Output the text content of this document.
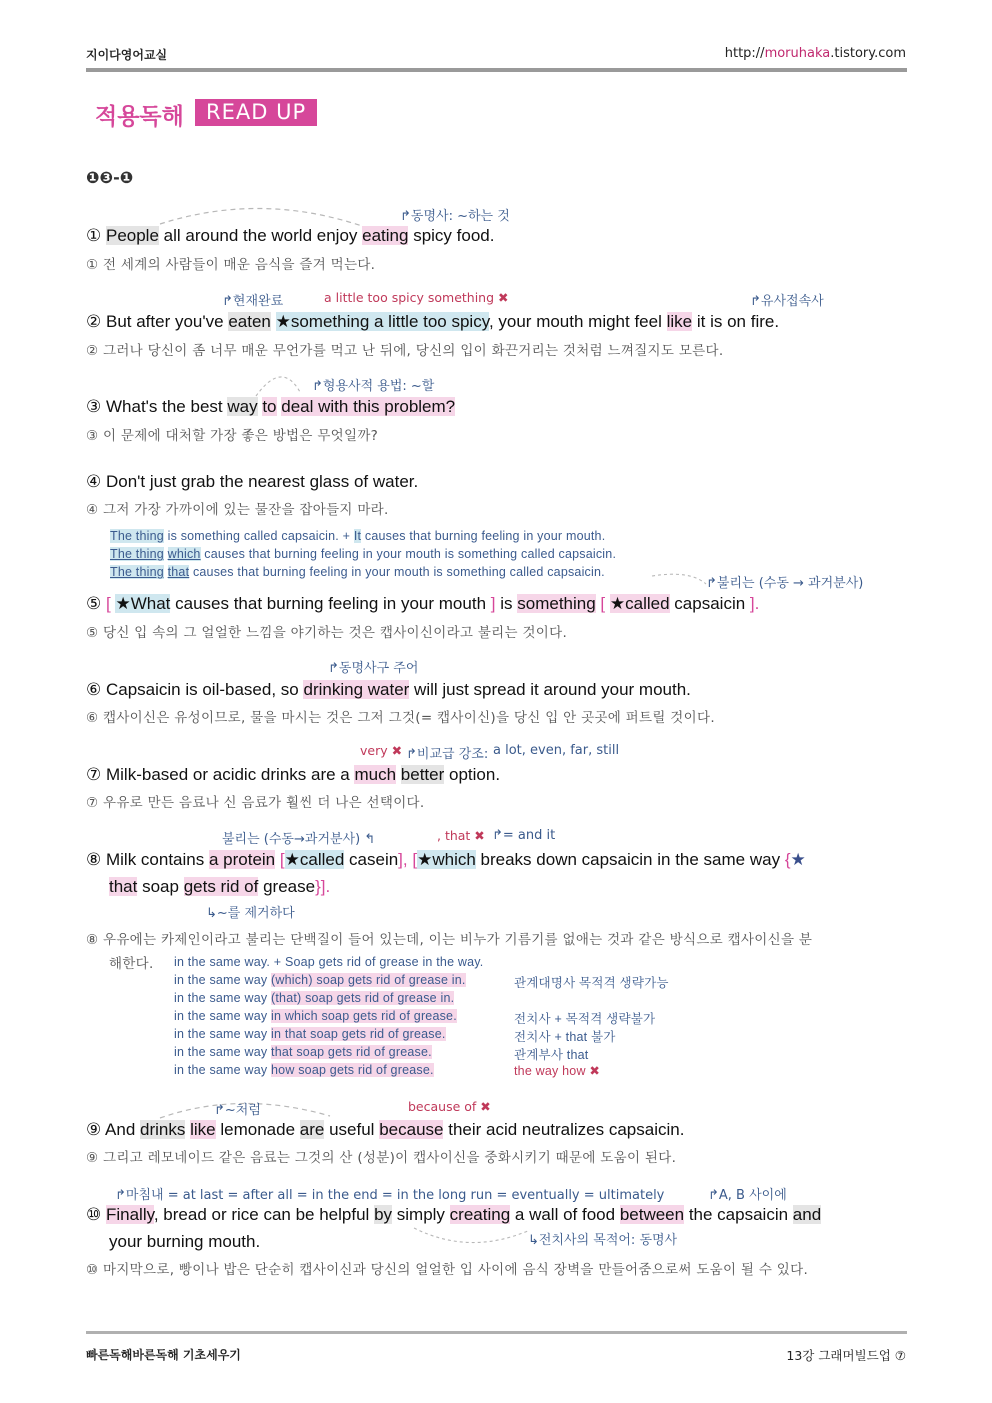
지이다영어교실	http://moruhaka.tistory.com
적용독해	READ UP
❶❸-❶
↱동명사: ~하는 것
① People all around the world enjoy eating spicy food.
① 전 세계의 사람들이 매운 음식을 즐겨 먹는다.
↱현재완료	a little too spicy something ✖	↱유사접속사
② But after you've eaten ★something a little too spicy, your mouth might feel like it is on fire.
② 그러나 당신이 좀 너무 매운 무언가를 먹고 난 뒤에, 당신의 입이 화끈거리는 것처럼 느껴질지도 모른다.
↱형용사적 용법: ~할
③ What's the best way to deal with this problem?
③ 이 문제에 대처할 가장 좋은 방법은 무엇일까?
④ Don't just grab the nearest glass of water.
④ 그저 가장 가까이에 있는 물잔을 잡아들지 마라.
The thing is something called capsaicin. + It causes that burning feeling in your mouth.
The thing which causes that burning feeling in your mouth is something called capsaicin.
The thing that causes that burning feeling in your mouth is something called capsaicin.
↱불리는 (수동 → 과거분사)
⑤ [ ★What causes that burning feeling in your mouth ] is something [ ★called capsaicin ].
⑤ 당신 입 속의 그 얼얼한 느낌을 야기하는 것은 캡사이신이라고 불리는 것이다.
↱동명사구 주어
⑥ Capsaicin is oil-based, so drinking water will just spread it around your mouth.
⑥ 캡사이신은 유성이므로, 물을 마시는 것은 그저 그것(= 캡사이신)을 당신 입 안 곳곳에 퍼트릴 것이다.
very ✖ ↱비교급 강조: a lot, even, far, still
⑦ Milk-based or acidic drinks are a much better option.
⑦ 우유로 만든 음료나 신 음료가 훨씬 더 나은 선택이다.
불리는 (수동→과거분사) ↰	, that ✖ ↱= and it
⑧ Milk contains a protein [★called casein], [★which breaks down capsaicin in the same way {★
that soap gets rid of grease}].
↳~를 제거하다
⑧ 우유에는 카제인이라고 불리는 단백질이 들어 있는데, 이는 비누가 기름기를 없애는 것과 같은 방식으로 캡사이신을 분
해한다. in the same way. + Soap gets rid of grease in the way.
in the same way (which) soap gets rid of grease in.	관계대명사 목적격 생략가능
in the same way (that) soap gets rid of grease in.
in the same way in which soap gets rid of grease.	전치사 + 목적격 생략불가
in the same way in that soap gets rid of grease.	전치사 + that 불가
in the same way that soap gets rid of grease.	관계부사 that
in the same way how soap gets rid of grease.	the way how ✖
↱~처럼	because of ✖
⑨ And drinks like lemonade are useful because their acid neutralizes capsaicin.
⑨ 그리고 레모네이드 같은 음료는 그것의 산 (성분)이 캡사이신을 중화시키기 때문에 도움이 된다.
↱마침내 = at last = after all = in the end = in the long run = eventually = ultimately	↱A, B 사이에
⑩ Finally, bread or rice can be helpful by simply creating a wall of food between the capsaicin and
your burning mouth.	↳전치사의 목적어: 동명사
⑩ 마지막으로, 빵이나 밥은 단순히 캡사이신과 당신의 얼얼한 입 사이에 음식 장벽을 만들어줌으로써 도움이 될 수 있다.
빠른독해바른독해 기초세우기	13강 그래머빌드업 ⑦
